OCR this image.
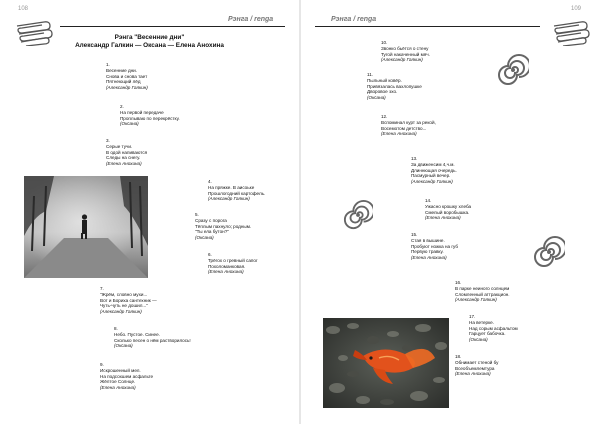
108
Рэнга / renga
Рэнга "Весенние дни"
Александр Галкин — Оксана — Елена Анохина
1.
Весенние дни.
Снова и снова тает
Пятнеющий лёд
(Александр Галкин)
2.
На первой передаче
Проплываю по перекрёстку.
(Оксана)
3.
Серые тучи.
В одой напиваются
Следы на снегу.
(Елена Анохина)
4.
На пряжке. В аисоьке
Прошлогодний картофель.
(Александр Галкин)
5.
Сразу с порога
Тёплым пахнуло; родным.
"Ты ела бутон?"
(Оксана)
6.
Трёгох о гревный сапог
Похоломанковая.
(Елена Анохина)
7.
"Жрём, словно мухи...
Вот и Бориха сантехник —
Чуть-чуть не дошил..."
(Александр Галкин)
8.
Небо. Пустое. Синее.
Сколько песен о нём растворилось!
(Оксана)
9.
Искрошенный мел.
На подсохшем асфальте
Жёлтое Солнце.
(Елена Анохина)
Рэнга / renga
109
10.
Звонко бьётся о стену
Тугой накаченный мяч.
(Александр Галкин)
11.
Пыльный ковёр.
Привязалась вахлопушке
Дворовое эхо.
(Оксана)
12.
Вспоминал курт за рекой,
Восемотом детство...
(Елена Анохина)
13.
За движенсим 4,ч.м.
Длиннющая очередь.
Пасмурный вечер.
(Александр Галкин)
14.
Ужасно крошку хлеба
Смелый воробышка.
(Елена Анохина)
15.
Стая в вышине.
Пробуют ножка на губ
Первую травку.
(Елена Анохина)
16.
В парке неиного солнцем
Сломленный аттракцион.
(Александр Галкин)
17.
На ветерке.
Над сорым асфальтом
Гарцует бабочка.
(Оксана)
18.
Обнимает стеной бу
Всеобъемлемтура
(Елена Анохина)
